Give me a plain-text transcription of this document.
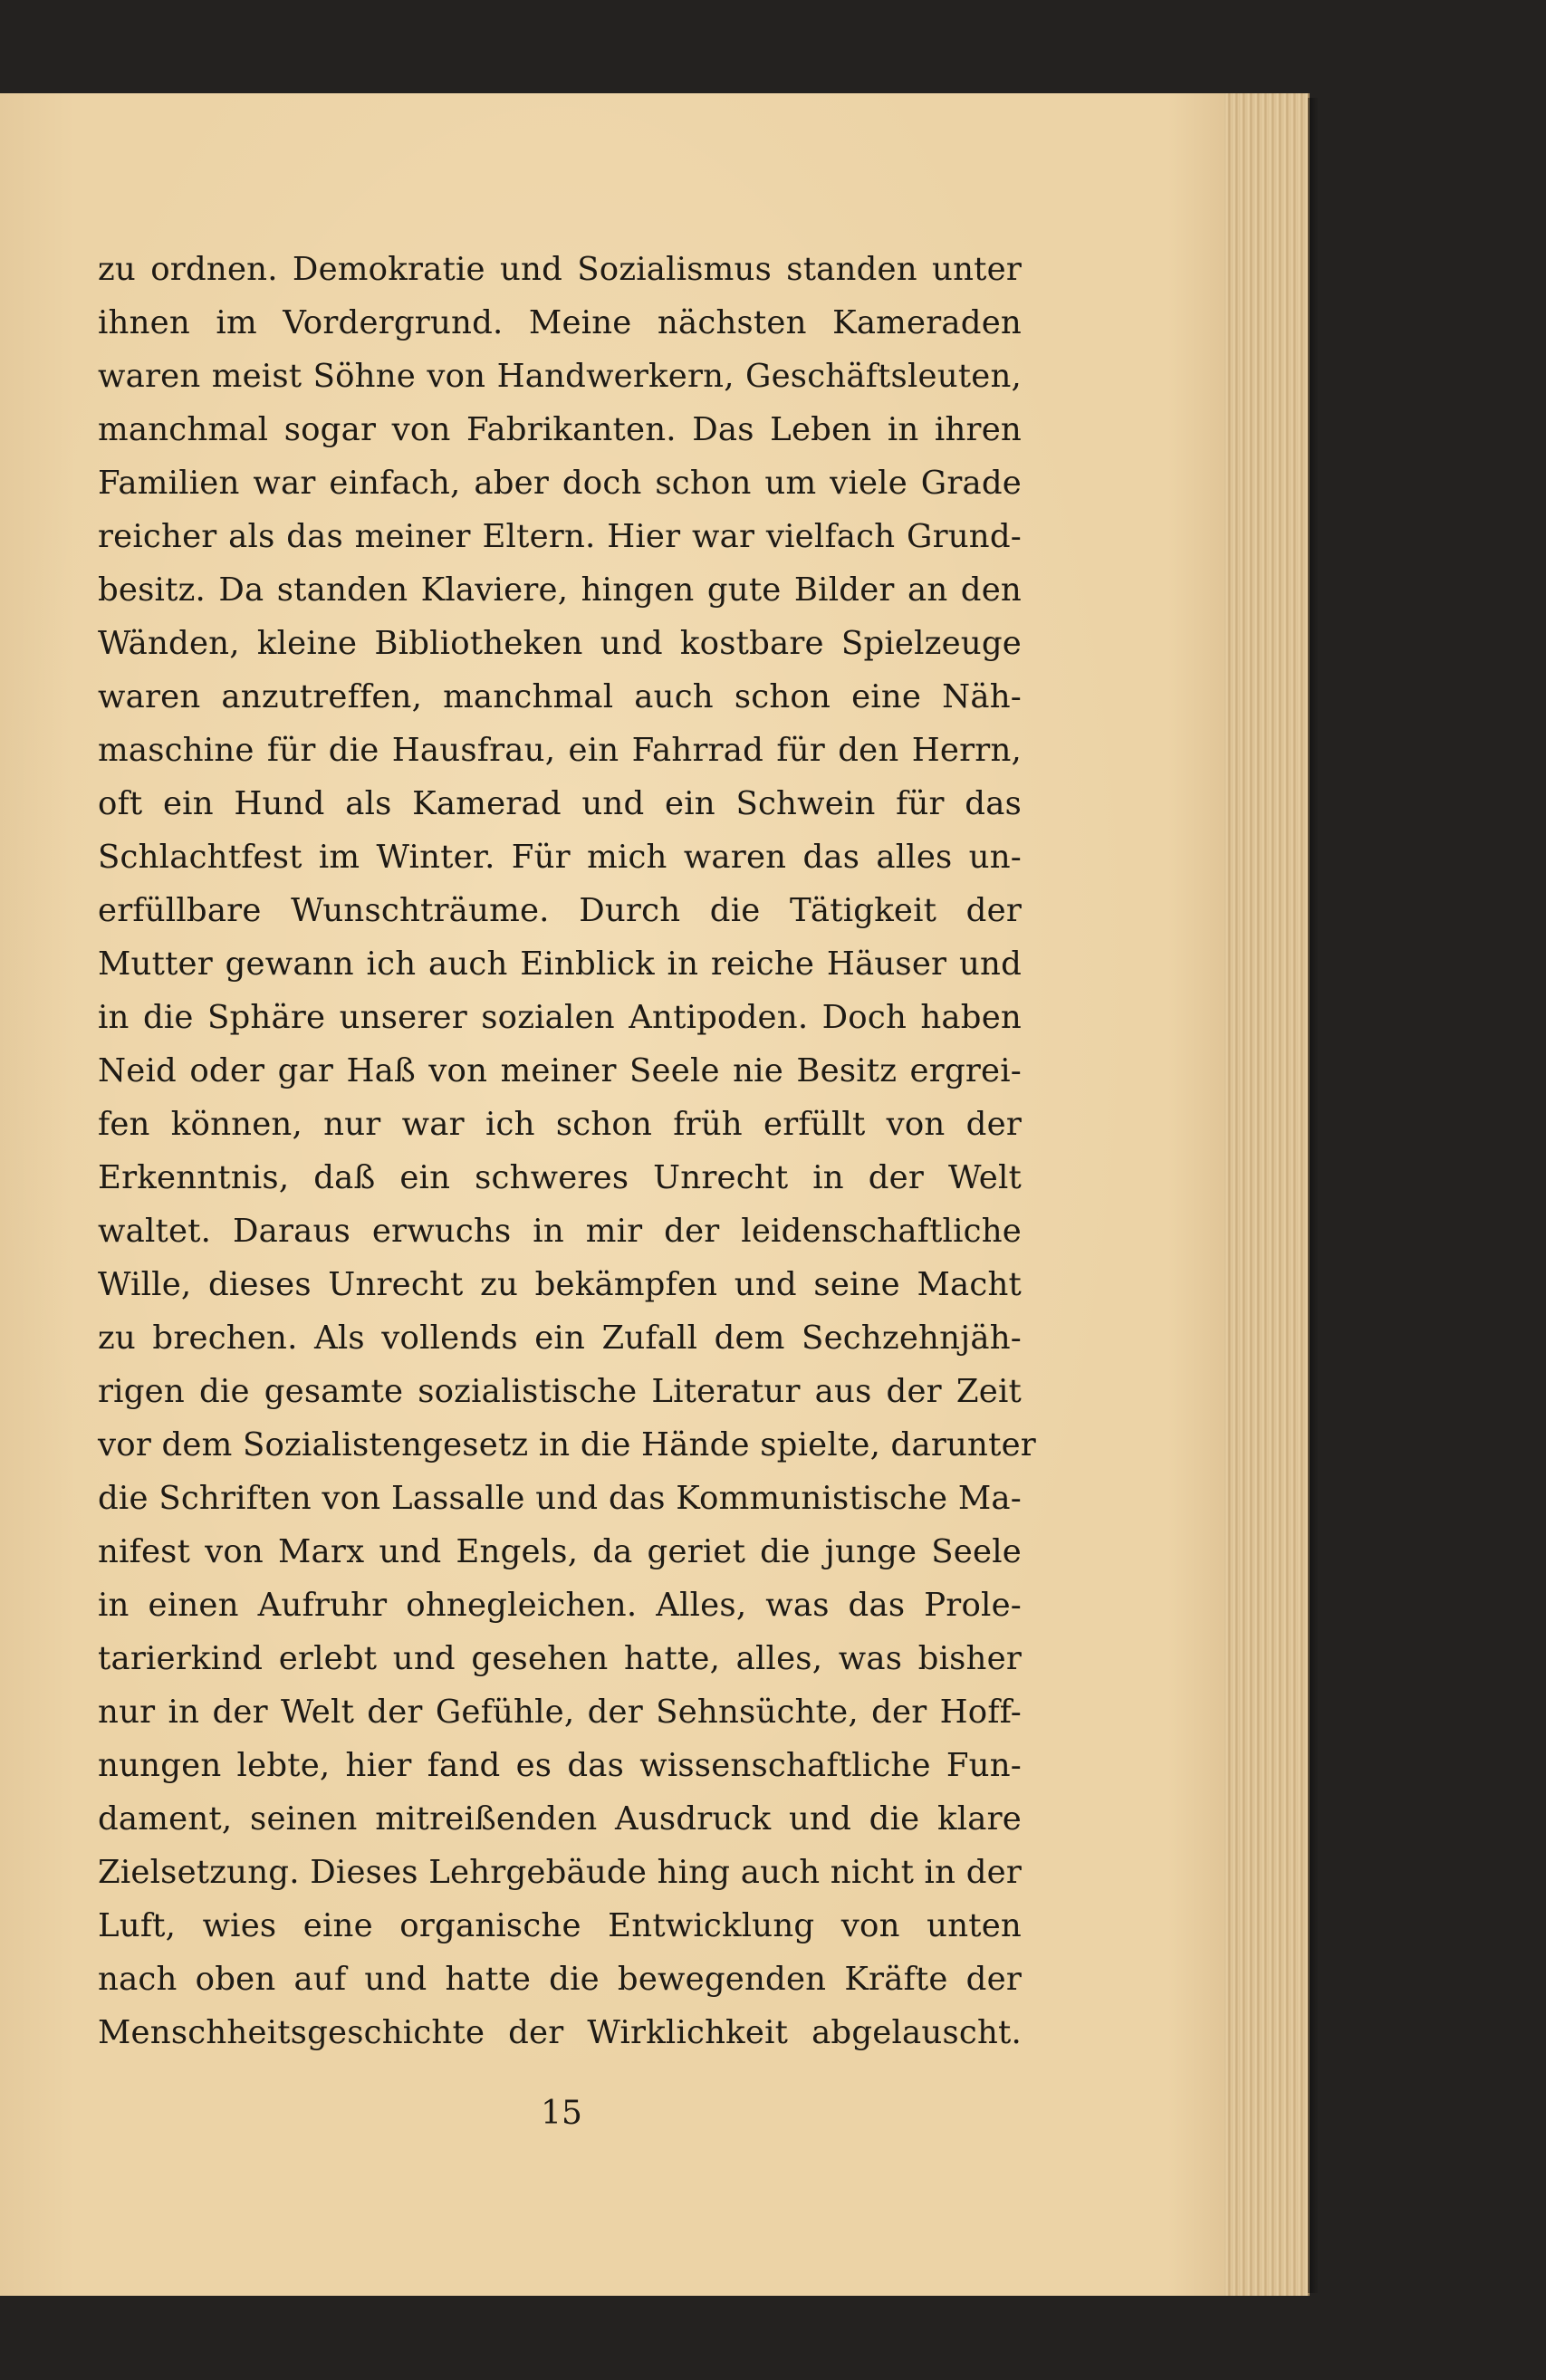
zu ordnen. Demokratie und Sozialismus standen unter
ihnen im Vordergrund. Meine nächsten Kameraden
waren meist Söhne von Handwerkern, Geschäftsleuten,
manchmal sogar von Fabrikanten. Das Leben in ihren
Familien war einfach, aber doch schon um viele Grade
reicher als das meiner Eltern. Hier war vielfach Grund-
besitz. Da standen Klaviere, hingen gute Bilder an den
Wänden, kleine Bibliotheken und kostbare Spielzeuge
waren anzutreffen, manchmal auch schon eine Näh-
maschine für die Hausfrau, ein Fahrrad für den Herrn,
oft ein Hund als Kamerad und ein Schwein für das
Schlachtfest im Winter. Für mich waren das alles un-
erfüllbare Wunschträume. Durch die Tätigkeit der
Mutter gewann ich auch Einblick in reiche Häuser und
in die Sphäre unserer sozialen Antipoden. Doch haben
Neid oder gar Haß von meiner Seele nie Besitz ergrei-
fen können, nur war ich schon früh erfüllt von der
Erkenntnis, daß ein schweres Unrecht in der Welt
waltet. Daraus erwuchs in mir der leidenschaftliche
Wille, dieses Unrecht zu bekämpfen und seine Macht
zu brechen. Als vollends ein Zufall dem Sechzehnjäh-
rigen die gesamte sozialistische Literatur aus der Zeit
vor dem Sozialistengesetz in die Hände spielte, darunter
die Schriften von Lassalle und das Kommunistische Ma-
nifest von Marx und Engels, da geriet die junge Seele
in einen Aufruhr ohnegleichen. Alles, was das Prole-
tarierkind erlebt und gesehen hatte, alles, was bisher
nur in der Welt der Gefühle, der Sehnsüchte, der Hoff-
nungen lebte, hier fand es das wissenschaftliche Fun-
dament, seinen mitreißenden Ausdruck und die klare
Zielsetzung. Dieses Lehrgebäude hing auch nicht in der
Luft, wies eine organische Entwicklung von unten
nach oben auf und hatte die bewegenden Kräfte der
Menschheitsgeschichte der Wirklichkeit abgelauscht.
15
